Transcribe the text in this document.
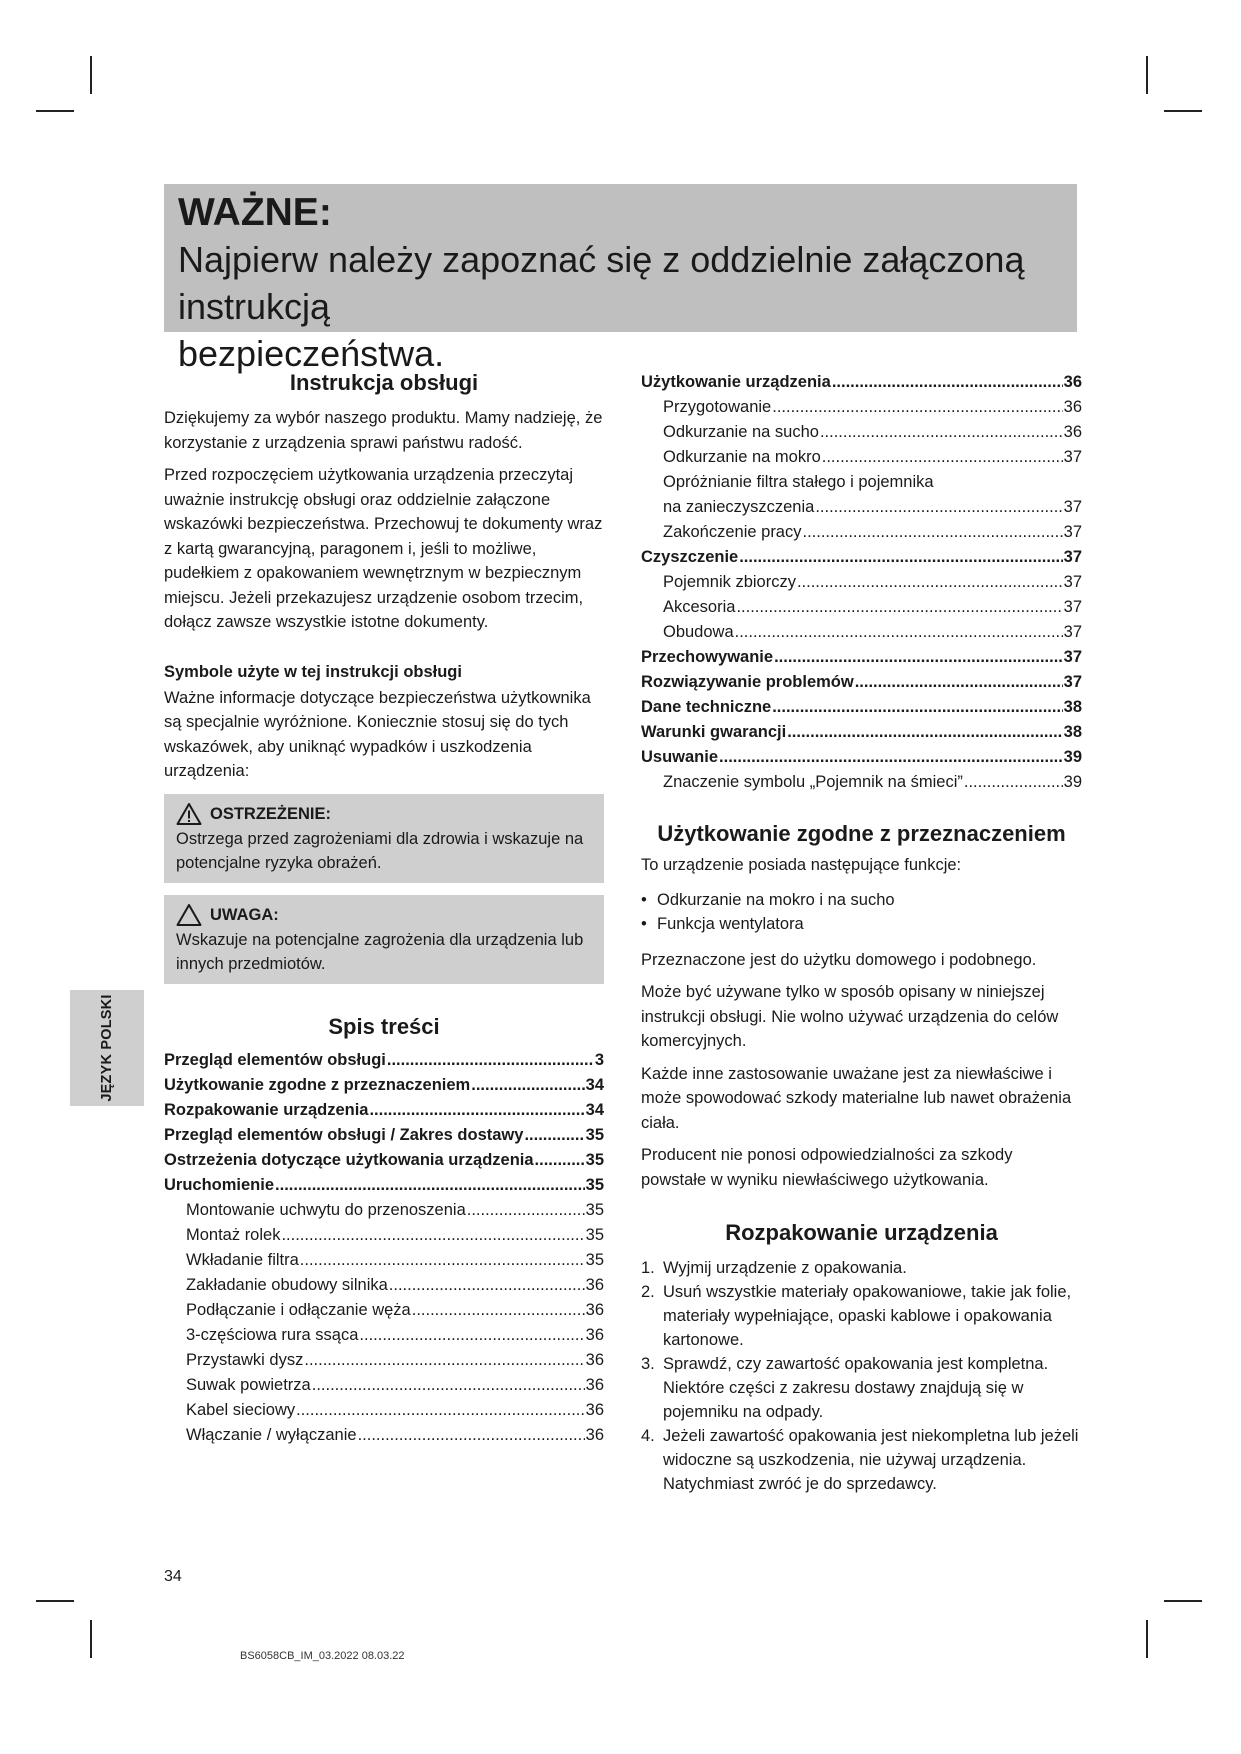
WAŻNE:
Najpierw należy zapoznać się z oddzielnie załączoną instrukcją
bezpieczeństwa.
JĘZYK POLSKI
Instrukcja obsługi

Dziękujemy za wybór naszego produktu. Mamy nadzieję, że korzystanie z urządzenia sprawi państwu radość.

Przed rozpoczęciem użytkowania urządzenia przeczytaj uważnie instrukcję obsługi oraz oddzielnie załączone wskazówki bezpieczeństwa. Przechowuj te dokumenty wraz z kartą gwarancyjną, paragonem i, jeśli to możliwe, pudełkiem z opakowaniem wewnętrznym w bezpiecznym miejscu. Jeżeli przekazujesz urządzenie osobom trzecim, dołącz zawsze wszystkie istotne dokumenty.

Symbole użyte w tej instrukcji obsługi

Ważne informacje dotyczące bezpieczeństwa użytkownika są specjalnie wyróżnione. Koniecznie stosuj się do tych wskazówek, aby uniknąć wypadków i uszkodzenia urządzenia:

OSTRZEŻENIE:
Ostrzega przed zagrożeniami dla zdrowia i wskazuje na potencjalne ryzyka obrażeń.
UWAGA:
Wskazuje na potencjalne zagrożenia dla urządzenia lub innych przedmiotów.
Spis treści
Przegląd elementów obsługi .....	3
Użytkowanie zgodne z przeznaczeniem .....	34
Rozpakowanie urządzenia .....	34
Przegląd elementów obsługi / Zakres dostawy .....	35
Ostrzeżenia dotyczące użytkowania urządzenia .....	35
Uruchomienie .....	35
Montowanie uchwytu do przenoszenia .....	35
Montaż rolek .....	35
Wkładanie filtra .....	35
Zakładanie obudowy silnika .....	36
Podłączanie i odłączanie węża .....	36
3-częściowa rura ssąca .....	36
Przystawki dysz .....	36
Suwak powietrza .....	36
Kabel sieciowy .....	36
Włączanie / wyłączanie .....	36
Użytkowanie urządzenia .....	36
Przygotowanie .....	36
Odkurzanie na sucho .....	36
Odkurzanie na mokro .....	37
Opróżnianie filtra stałego i pojemnika
na zanieczyszczenia .....	37
Zakończenie pracy .....	37
Czyszczenie .....	37
Pojemnik zbiorczy .....	37
Akcesoria .....	37
Obudowa .....	37
Przechowywanie .....	37
Rozwiązywanie problemów .....	37
Dane techniczne .....	38
Warunki gwarancji .....	38
Usuwanie .....	39
Znaczenie symbolu „Pojemnik na śmieci” .....	39
Użytkowanie zgodne z przeznaczeniem

To urządzenie posiada następujące funkcje:

• Odkurzanie na mokro i na sucho
• Funkcja wentylatora

Przeznaczone jest do użytku domowego i podobnego.

Może być używane tylko w sposób opisany w niniejszej instrukcji obsługi. Nie wolno używać urządzenia do celów komercyjnych.

Każde inne zastosowanie uważane jest za niewłaściwe i może spowodować szkody materialne lub nawet obrażenia ciała.

Producent nie ponosi odpowiedzialności za szkody powstałe w wyniku niewłaściwego użytkowania.

Rozpakowanie urządzenia
1. Wyjmij urządzenie z opakowania.
2. Usuń wszystkie materiały opakowaniowe, takie jak folie, materiały wypełniające, opaski kablowe i opakowania kartonowe.
3. Sprawdź, czy zawartość opakowania jest kompletna. Niektóre części z zakresu dostawy znajdują się w pojemniku na odpady.
4. Jeżeli zawartość opakowania jest niekompletna lub jeżeli widoczne są uszkodzenia, nie używaj urządzenia. Natychmiast zwróć je do sprzedawcy.
34
BS6058CB_IM_03.2022 08.03.22
